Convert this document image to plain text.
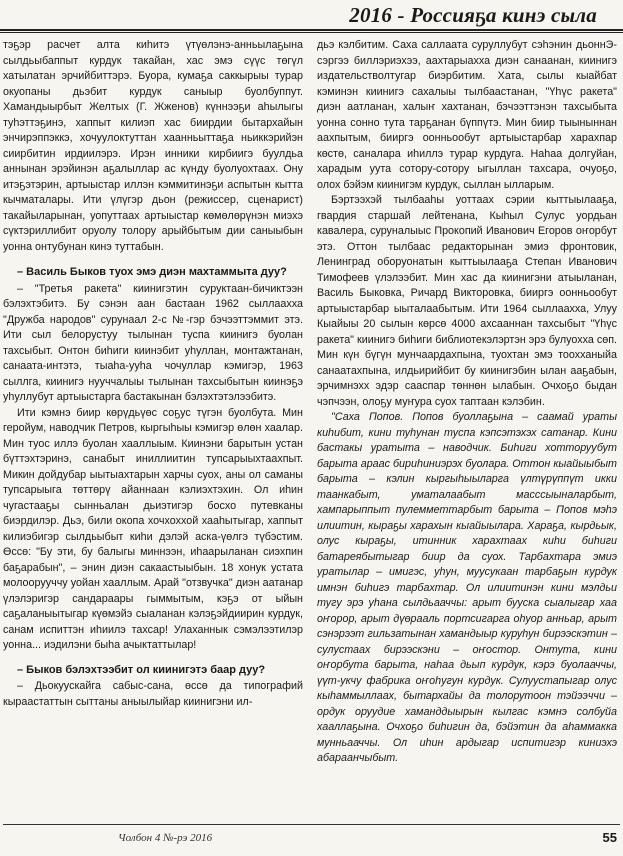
2016 - Россияҕа кинэ сыла

тэҕэр расчет алта киһитэ үтүөлэнэ-анньылаҕына сылдьыбаппыт курдук такайан, хас эмэ сүүс төгүл хатылатан эрчийбиттэрэ. Буора, кумаҕа саккырыы турар окуопаны дьэбит курдук саныыр буолбуппут. Хамандыырбыт Желтых (Г. Жженов) күннээҕи аһылыгы туһэттэҕинэ, хаппыт килиэп хас биирдии бытархайын энчирэппэккэ, хочуулоктуттан хаанньыттаҕа ньиккэрийэн сиирбитин ирдиилэрэ. Ирэн инники кирбиигэ буулдьа аннынан эрэйинэн аҕалыллар ас күнду буолуохтаах. Ону итэҕэтэрин, артыыстар иллэн кэммитинэҕи аспытын кытта кычматалары. Ити үлүгэр дьон (режиссер, сценарист) такайыларынан, уопуттаах артыыстар көмөлөрүнэн миэхэ сүктэриллибит оруолу толору арыйбытым дии саныыбын уонна онтубунан кинэ туттабын.

– Василь Быков туох эмэ диэн махтаммыта дуу?

– "Третья ракета" киинигэтин суруктаан-бичиктээн бэлэхтэбитэ. Бу сэнэн аан бастаан 1962 сыллаахха "Дружба народов" сурунаал 2-с №-гэр бэчээттэммит этэ. Ити сыл белорустуу тылынан туспа киинигэ буолан тахсыбыт. Онтон биһиги киинэбит уһуллан, монтажтанан, санаата-интэтэ, тыаһа-ууһа чочуллар кэмигэр, 1963 сыллга, киинигэ нууччалыы тылынан тахсыбытын киинэҕэ уһуллубут артыыстарга бастакынан бэлэхтэтэлээбитэ.

Ити кэмнэ биир көрүдьүөс соҕус түгэн буолбута. Мин геройум, наводчик Петров, кыргыһыы кэмигэр өлөн хаалар. Мин туос иллэ буолан хааллыым. Киинэни барытын устан бүттэхтэринэ, санабыт иниллиитин тупсарыыхтаахпыт. Микин дойдубар ыытыахтарын харчы суох, аны ол саманы тупсарыыга төттөрү айаннаан кэлиэхтэхин. Ол иһин чугастааҕы сынньалан дьиэтигэр босхо путевканы биэрдилэр. Дьэ, били окопа хочхоххой хааһытыгар, хаппыт килиэбигэр сылдьыбыт киһи дэлэй аска-үөлгэ түбэстим. Өссө: "Бу эти, бу балыгы миннээн, иһаарыланан сиэхпин баҕарабын", – энин диэн сакаастыыбын. 18 хонук устата молоорууччу уойан хааллым. Арай "отзвучка" диэн аатанар үлэлэригэр сандараары гыммытым, кэҕэ от ыйын саҕаланыытыгар күөмэйэ сыаланан кэлэҕэйдиирин курдук, санам испиттэн иһиилэ тахсар! Улаханнык сэмэлээтилэр уонна... иэдилэни быһа ачыктаттылар!

– Быков бэлэхтээбит ол киинигэтэ баар дуу?

– Дьокуускайга сабыс-сана, өссө да типографий кыраастаттын сыттаны аныылыйар киинигэни ил-

дьэ кэлбитим. Саха саллаата суруллубут сэһэнин дьоннЭ-сэргээ биллэриэхээ, аахтарыахха диэн санаанан, киинигэ издательстволтугар биэрбитим. Хата, сылы кыайбат кэминэн киинигэ сахалыы тылбаастанан, "Үһүс ракета" диэн аатланан, халыҥ хахтанан, бэчээттэнэн тахсыбыта уонна сонно тута тарҕанан бүппүтэ. Мин биир тыыныннан аахпытым, бииргэ оонньообут артыыстарбар харахпар көстө, саналара иһиллэ турар курдуга. Наһаа долгуйан, харадым уута сотору-сотору ыгыллан тахсара, очуоҕо, олох бэйэм киинигэм курдук, сыллан ылларым.

Бэртээхэй тылбааһы уоттаах сэрии кыттыылааҕа, гвардия старшай лейтенана, Кыһыл Сулус уордьан кавалера, суруналыыс Прокопий Иванович Егоров оҥорбут этэ. Оттон тылбаас редакторынан эмиэ фронтовик, Ленинград оборуонатын кыттыылааҕа Степан Иванович Тимофеев үлэлээбит. Мин хас да киинигэни атыыланан, Василь Быковка, Ричард Викторовка, бииргэ оонньообут артыыстарбар ыыталаабытым. Ити 1964 сыллаахха, Улуу Кыайыы 20 сылын көрсө 4000 ахсааннан тахсыбыт "Үһүс ракета" киинигэ биһиги библиотекэлэртэн эрэ булуохха сөп. Мин күн бүгүн мунчаардахпына, туохтан эмэ тоохханыйа санаатахпына, илдьирийбит бу киинигэбин ылан ааҕабын, эрчимнэхх эдэр сааспар төннөн ылабын. Очхоҕо быдан чэпчээн, олоҕу муҥура суох таптаан кэлэбин.

"Саха Попов. Попов буоллаҕына – саамай ураты киһибит, кини туһунан туспа кэпсэтэхэх сатанар. Кини бастакы уратыта – наводчик. Биһиги хотторуубут барыта араас бириһиниэрэх буолара. Оттон кыайыыбыт барыта – кэлин кыргыһыыларга үлтүрүппүт икки таанкабыт, уматалаабыт масссыыналарбыт, хампарыппыт пулемметтарбыт барыта – Попов мэһэ илиитин, кыраҕы харахын кыайыылара. Хараҕа, кырдьык, олус кыраҕы, итинник харахтаах киһи биһиги батареябытыгар биир да суох. Тарбахтара эмиэ уратылар – имигэс, уһун, муусукаан тарбаҕын курдук имнэн биһигэ тарбахтар. Ол илиитинэн кини мэлдьи тугу эрэ уһана сылдьааччы: арыт бууска сыалыгар хаа оҥорор, арыт дүөрааль портсигарга оһуор анньар, арыт сэнэрээт гильзатынан хамандыыр куруһун бирээскэтин – сулустаах бирээскэни – оҥостор. Онтута, кини оҥорбута барыта, наһаа дьып курдук, кэрэ буолааччы, үүт-укчу фабрика оҥоһугун курдук. Сулуустапыгар олус кыһаммыллаах, бытархайы да толорутоон тэйээччи – ордук оруудие хаманддыырын кылгас кэмнэ солбуйа хааллаҕына. Очхоҕо биһигин да, бэйэтин да аһаммакка мунньааччы. Ол иһин ардыгар испитигэр киниэхэ абараанчыбыт.

Чолбон 4 №-рэ 2016	55
